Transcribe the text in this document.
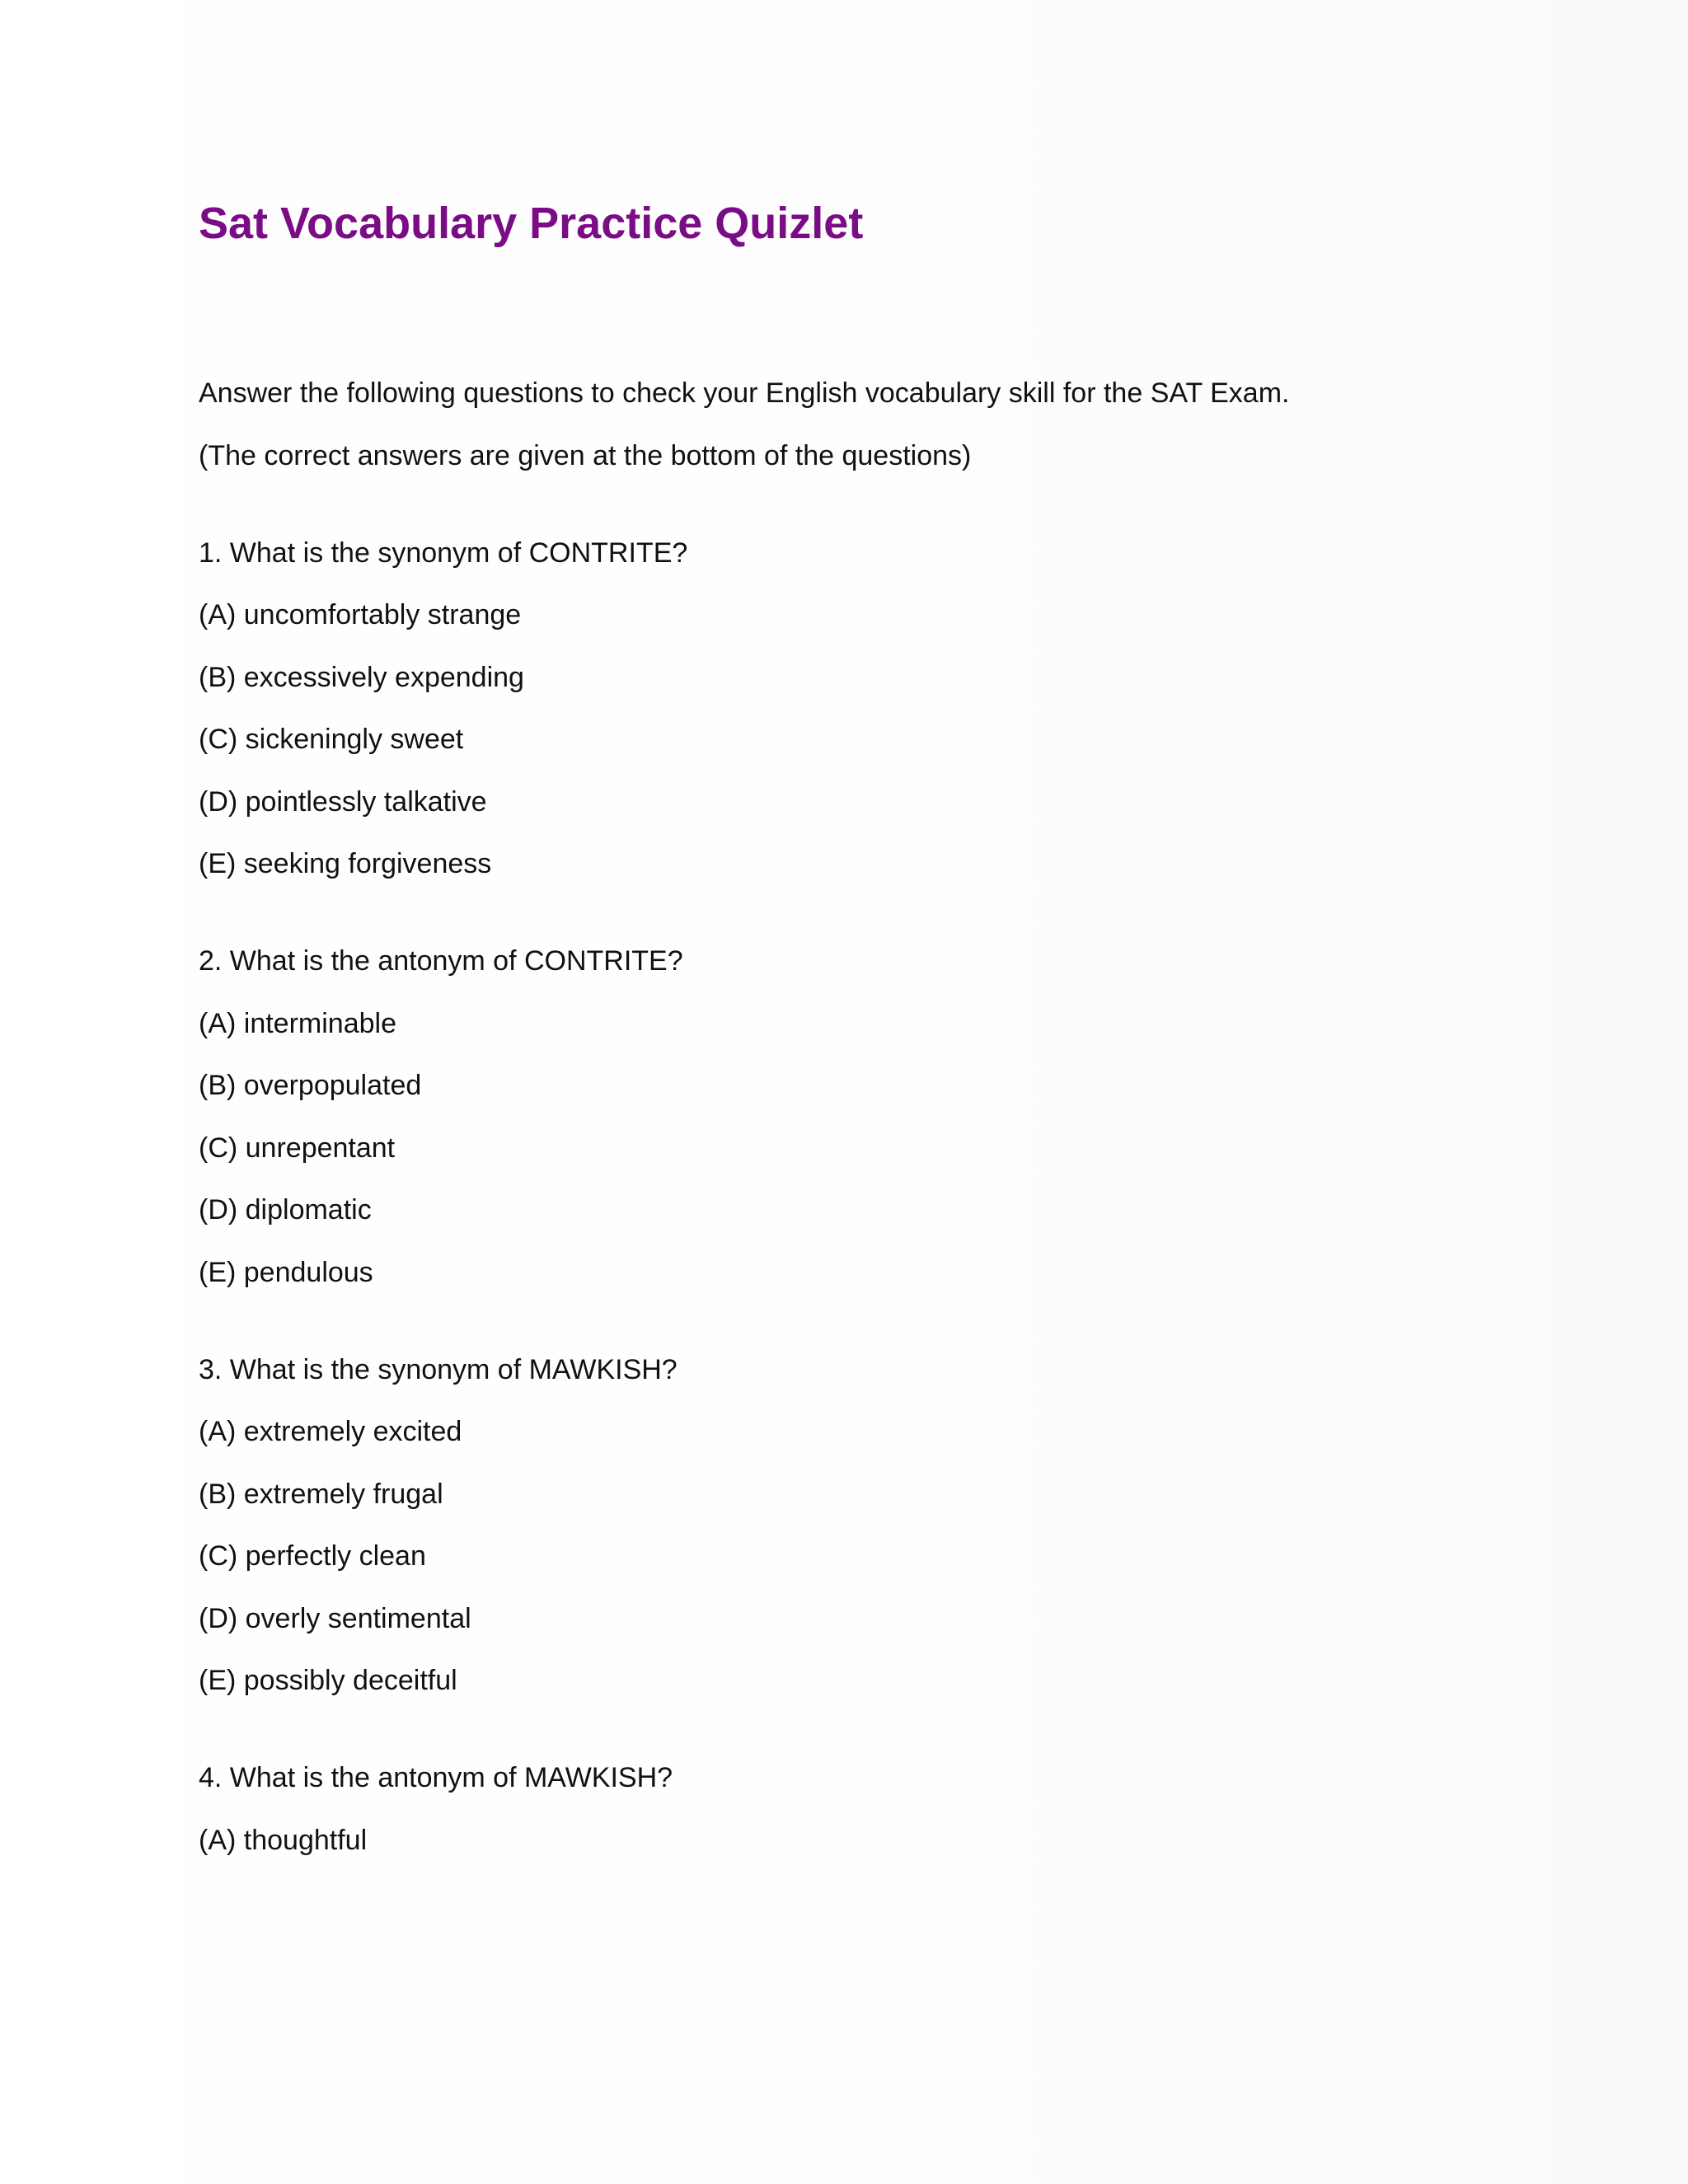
Sat Vocabulary Practice Quizlet

Answer the following questions to check your English vocabulary skill for the SAT Exam.

(The correct answers are given at the bottom of the questions)

1. What is the synonym of CONTRITE?

(A) uncomfortably strange
(B) excessively expending
(C) sickeningly sweet
(D) pointlessly talkative
(E) seeking forgiveness

2. What is the antonym of CONTRITE?

(A) interminable
(B) overpopulated
(C) unrepentant
(D) diplomatic
(E) pendulous

3. What is the synonym of MAWKISH?

(A) extremely excited
(B) extremely frugal
(C) perfectly clean
(D) overly sentimental
(E) possibly deceitful

4. What is the antonym of MAWKISH?

(A) thoughtful
